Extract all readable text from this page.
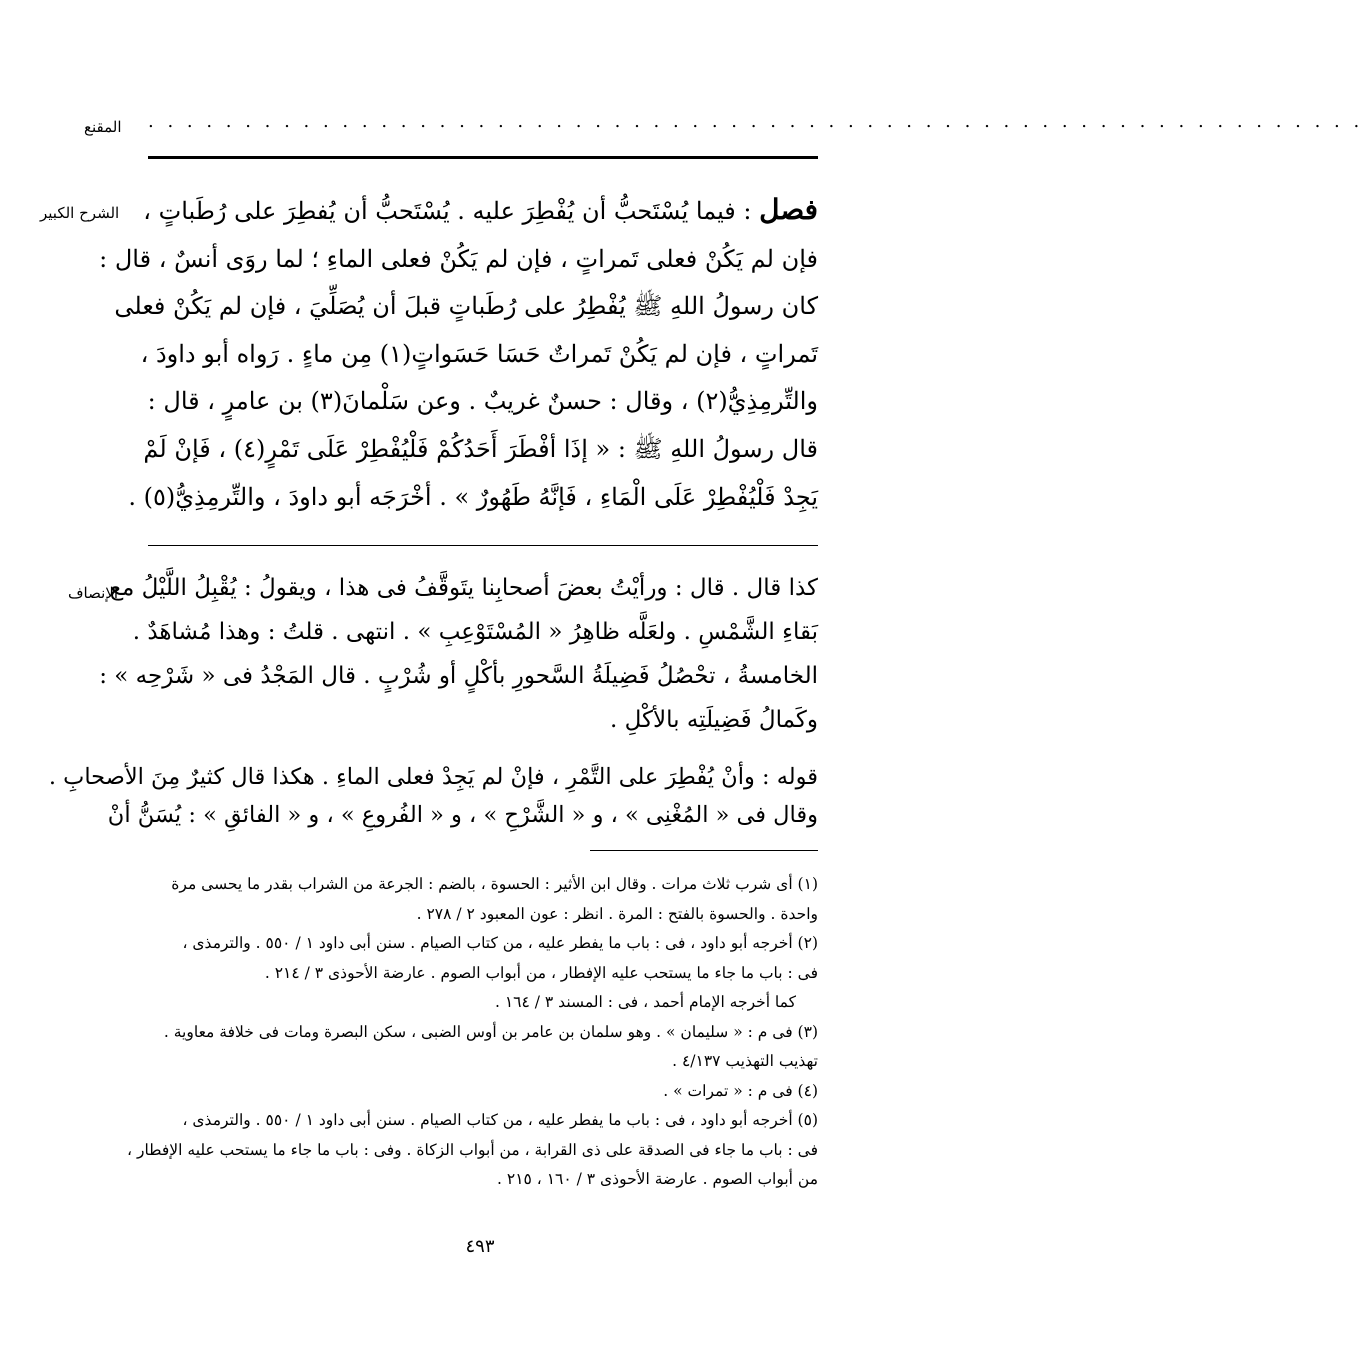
المقنع . . . . . . . . . . . . . . . . . . . . . . . . . . . . . . . . . . . . . . . . . . . . . . . . . . . . . . . . . . . . . . .
الشرح الكبير
الإنصاف
فصل : فيما يُسْتَحبُّ أن يُفْطِرَ عليه . يُسْتَحبُّ أن يُفطِرَ على رُطَباتٍ ،
فإن لم يَكُنْ فعلى تَمراتٍ ، فإن لم يَكُنْ فعلى الماءِ ؛ لما روَى أنسٌ ، قال :
كان رسولُ اللهِ ﷺ يُفْطِرُ على رُطَباتٍ قبلَ أن يُصَلِّيَ ، فإن لم يَكُنْ فعلى
تَمراتٍ ، فإن لم يَكُنْ تَمراتٌ حَسَا حَسَواتٍ(١) مِن ماءٍ . رَواه أبو داودَ ،
والتِّرمِذِيُّ(٢) ، وقال : حسنٌ غريبٌ . وعن سَلْمانَ(٣) بن عامرٍ ، قال :
قال رسولُ اللهِ ﷺ : « إذَا أفْطَرَ أَحَدُكُمْ فَلْيُفْطِرْ عَلَى تَمْرٍ(٤) ، فَإنْ لَمْ
يَجِدْ فَلْيُفْطِرْ عَلَى الْمَاءِ ، فَإنَّهُ طَهُورٌ » . أخْرَجَه أبو داودَ ، والتِّرمِذِيُّ(٥) .
كذا قال . قال : ورأيْتُ بعضَ أصحابِنا يتَوقَّفُ فى هذا ، ويقولُ : يُقْبِلُ اللَّيْلُ مع
بَقاءِ الشَّمْسِ . ولعَلَّه ظاهِرُ « المُسْتَوْعِبِ » . انتهى . قلتُ : وهذا مُشاهَدٌ .
الخامسةُ ، تحْصُلُ فَضِيلَةُ السَّحورِ بأكْلٍ أو شُرْبٍ . قال المَجْدُ فى « شَرْحِه » :
وكَمالُ فَضِيلَتِه بالأكْلِ .
قوله : وأنْ يُفْطِرَ على التَّمْرِ ، فإنْ لم يَجِدْ فعلى الماءِ . هكذا قال كثيرٌ مِنَ الأصحابِ .
وقال فى « المُغْنِى » ، و « الشَّرْحِ » ، و « الفُروعِ » ، و « الفائقِ » : يُسَنُّ أنْ
(١) أى شرب ثلاث مرات . وقال ابن الأثير : الحسوة ، بالضم : الجرعة من الشراب بقدر ما يحسى مرة
واحدة . والحسوة بالفتح : المرة . انظر : عون المعبود ٢ / ٢٧٨ .
(٢) أخرجه أبو داود ، فى : باب ما يفطر عليه ، من كتاب الصيام . سنن أبى داود ١ / ٥٥٠ . والترمذى ،
فى : باب ما جاء ما يستحب عليه الإفطار ، من أبواب الصوم . عارضة الأحوذى ٣ / ٢١٤ .
كما أخرجه الإمام أحمد ، فى : المسند ٣ / ١٦٤ .
(٣) فى م : « سليمان » . وهو سلمان بن عامر بن أوس الضبى ، سكن البصرة ومات فى خلافة معاوية .
تهذيب التهذيب ٤/١٣٧ .
(٤) فى م : « تمرات » .
(٥) أخرجه أبو داود ، فى : باب ما يفطر عليه ، من كتاب الصيام . سنن أبى داود ١ / ٥٥٠ . والترمذى ،
فى : باب ما جاء فى الصدقة على ذى القرابة ، من أبواب الزكاة . وفى : باب ما جاء ما يستحب عليه الإفطار ،
من أبواب الصوم . عارضة الأحوذى ٣ / ١٦٠ ، ٢١٥ .
٤٩٣
